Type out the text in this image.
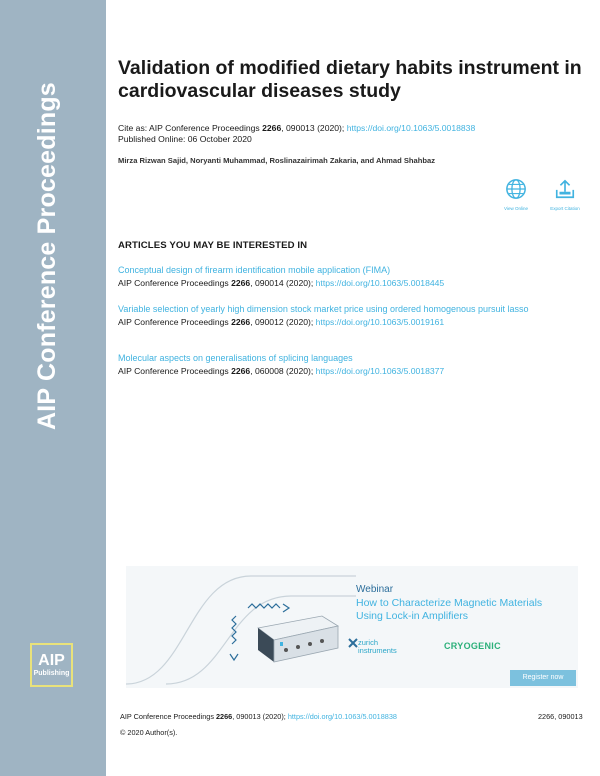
AIP Conference Proceedings
AIP
Publishing
Validation of modified dietary habits instrument in cardiovascular diseases study
Cite as: AIP Conference Proceedings 2266, 090013 (2020); https://doi.org/10.1063/5.0018838
Published Online: 06 October 2020
Mirza Rizwan Sajid, Noryanti Muhammad, Roslinazairimah Zakaria, and Ahmad Shahbaz
View Online	Export Citation
ARTICLES YOU MAY BE INTERESTED IN
Conceptual design of firearm identification mobile application (FIMA)
AIP Conference Proceedings 2266, 090014 (2020); https://doi.org/10.1063/5.0018445
Variable selection of yearly high dimension stock market price using ordered homogenous pursuit lasso
AIP Conference Proceedings 2266, 090012 (2020); https://doi.org/10.1063/5.0019161
Molecular aspects on generalisations of splicing languages
AIP Conference Proceedings 2266, 060008 (2020); https://doi.org/10.1063/5.0018377
Webinar
How to Characterize Magnetic Materials Using Lock-in Amplifiers
zurich instruments	CRYOGENIC
Register now
AIP Conference Proceedings 2266, 090013 (2020); https://doi.org/10.1063/5.0018838	2266, 090013
© 2020 Author(s).
